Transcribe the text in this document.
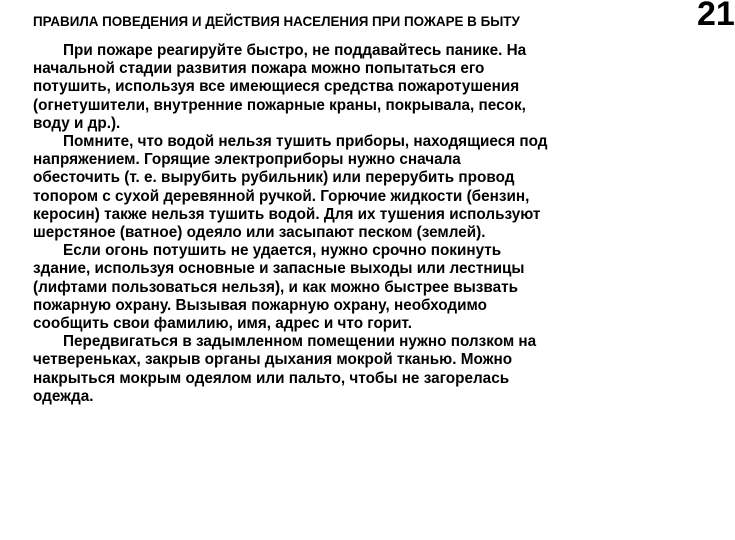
ПРАВИЛА ПОВЕДЕНИЯ И ДЕЙСТВИЯ НАСЕЛЕНИЯ ПРИ ПОЖАРЕ В БЫТУ	21

При пожаре реагируйте быстро, не поддавайтесь панике. На
начальной стадии развития пожара можно попытаться его
потушить, используя все имеющиеся средства пожаротушения
(огнетушители, внутренние пожарные краны, покрывала, песок,
воду и др.).

Помните, что водой нельзя тушить приборы, находящиеся под
напряжением. Горящие электроприборы нужно сначала
обесточить (т. е. вырубить рубильник) или перерубить провод
топором с сухой деревянной ручкой. Горючие жидкости (бензин,
керосин) также нельзя тушить водой. Для их тушения используют
шерстяное (ватное) одеяло или засыпают песком (землей).

Если огонь потушить не удается, нужно срочно покинуть
здание, используя основные и запасные выходы или лестницы
(лифтами пользоваться нельзя), и как можно быстрее вызвать
пожарную охрану. Вызывая пожарную охрану, необходимо
сообщить свои фамилию, имя, адрес и что горит.

Передвигаться в задымленном помещении нужно ползком на
четвереньках, закрыв органы дыхания мокрой тканью. Можно
накрыться мокрым одеялом или пальто, чтобы не загорелась
одежда.
